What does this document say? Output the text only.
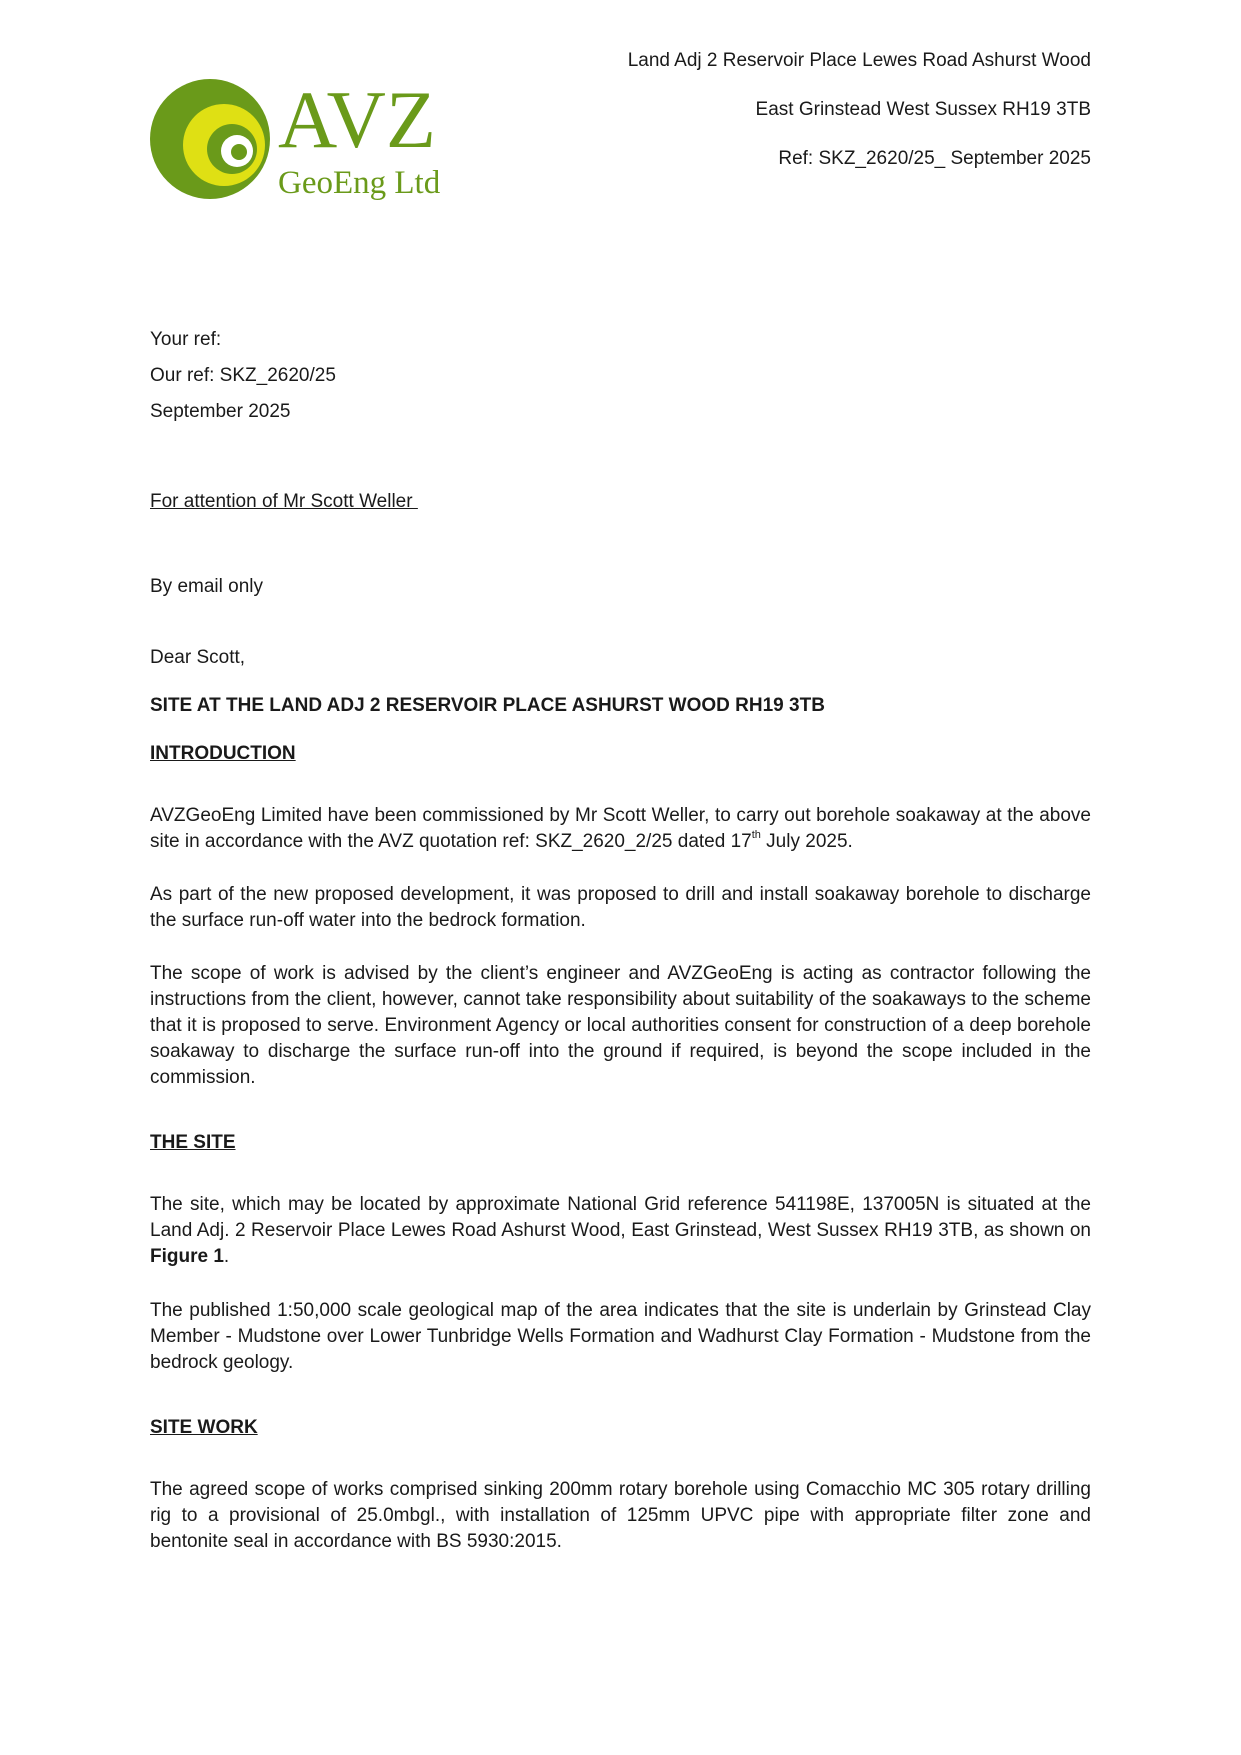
AVZ
GeoEng Ltd
Land Adj 2 Reservoir Place Lewes Road Ashurst Wood
East Grinstead West Sussex RH19 3TB
Ref: SKZ_2620/25_ September 2025
Your ref:
Our ref: SKZ_2620/25
September 2025
For attention of Mr Scott Weller
By email only
Dear Scott,
SITE AT THE LAND ADJ 2 RESERVOIR PLACE ASHURST WOOD RH19 3TB
INTRODUCTION
AVZGeoEng Limited have been commissioned by Mr Scott Weller, to carry out borehole soakaway at the above site in accordance with the AVZ quotation ref: SKZ_2620_2/25 dated 17th July 2025.
As part of the new proposed development, it was proposed to drill and install soakaway borehole to discharge the surface run-off water into the bedrock formation.
The scope of work is advised by the client’s engineer and AVZGeoEng is acting as contractor following the instructions from the client, however, cannot take responsibility about suitability of the soakaways to the scheme that it is proposed to serve. Environment Agency or local authorities consent for construction of a deep borehole soakaway to discharge the surface run-off into the ground if required, is beyond the scope included in the commission.
THE SITE
The site, which may be located by approximate National Grid reference 541198E, 137005N is situated at the Land Adj. 2 Reservoir Place Lewes Road Ashurst Wood, East Grinstead, West Sussex RH19 3TB, as shown on Figure 1.
The published 1:50,000 scale geological map of the area indicates that the site is underlain by Grinstead Clay Member - Mudstone over Lower Tunbridge Wells Formation and Wadhurst Clay Formation - Mudstone from the bedrock geology.
SITE WORK
The agreed scope of works comprised sinking 200mm rotary borehole using Comacchio MC 305 rotary drilling rig to a provisional of 25.0mbgl., with installation of 125mm UPVC pipe with appropriate filter zone and bentonite seal in accordance with BS 5930:2015.
